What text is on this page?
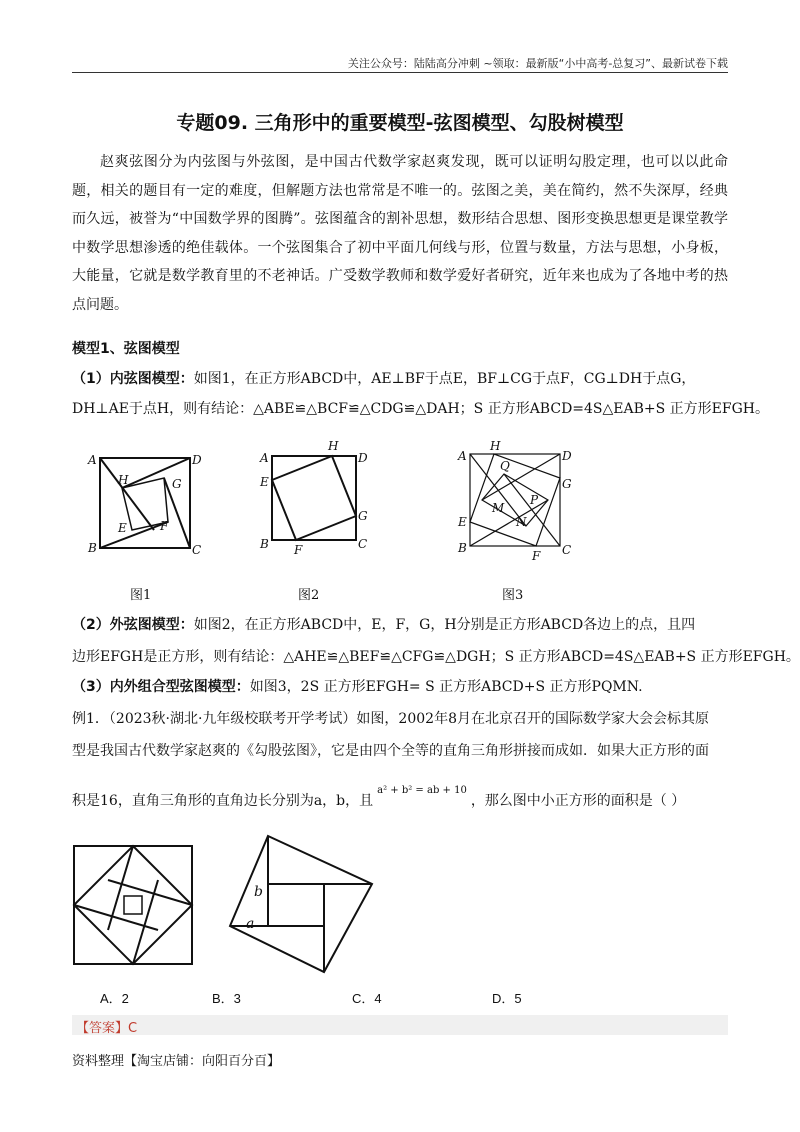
关注公众号：陆陆高分冲刺 ~领取：最新版“小中高考-总复习”、最新试卷下载
专题09. 三角形中的重要模型-弦图模型、勾股树模型
赵爽弦图分为内弦图与外弦图，是中国古代数学家赵爽发现，既可以证明勾股定理，也可以以此命题，相关的题目有一定的难度，但解题方法也常常是不唯一的。弦图之美，美在简约，然不失深厚，经典而久远，被誉为“中国数学界的图腾”。弦图蕴含的割补思想，数形结合思想、图形变换思想更是课堂教学中数学思想渗透的绝佳载体。一个弦图集合了初中平面几何线与形，位置与数量，方法与思想，小身板，大能量，它就是数学教育里的不老神话。广受数学教师和数学爱好者研究，近年来也成为了各地中考的热点问题。
模型1、弦图模型
（1）内弦图模型：如图1，在正方形ABCD中，AE⊥BF于点E，BF⊥CG于点F，CG⊥DH于点G，
DH⊥AE于点H，则有结论：△ABE≌△BCF≌△CDG≌△DAH；S 正方形ABCD=4S△EAB+S 正方形EFGH。
A
B	C
D
E	F
G
H
图1
A
B	C
D
E
F
G
H
图2
A
B	C
D
E
F
G
H
Q
M
P
N
图3
（2）外弦图模型：如图2，在正方形ABCD中，E，F，G，H分别是正方形ABCD各边上的点，且四
边形EFGH是正方形，则有结论：△AHE≌△BEF≌△CFG≌△DGH；S 正方形ABCD=4S△EAB+S 正方形EFGH。
（3）内外组合型弦图模型：如图3，2S 正方形EFGH= S 正方形ABCD+S 正方形PQMN.
例1．（2023秋·湖北·九年级校联考开学考试）如图，2002年8月在北京召开的国际数学家大会会标其原
型是我国古代数学家赵爽的《勾股弦图》，它是由四个全等的直角三角形拼接而成如．如果大正方形的面
积是16，直角三角形的直角边长分别为a，b，且$^{a^2 + b^2 = ab + 10}$，那么图中小正方形的面积是（ ）
b
a
A．2	B．3	C．4	D．5
【答案】C
资料整理【淘宝店铺：向阳百分百】
